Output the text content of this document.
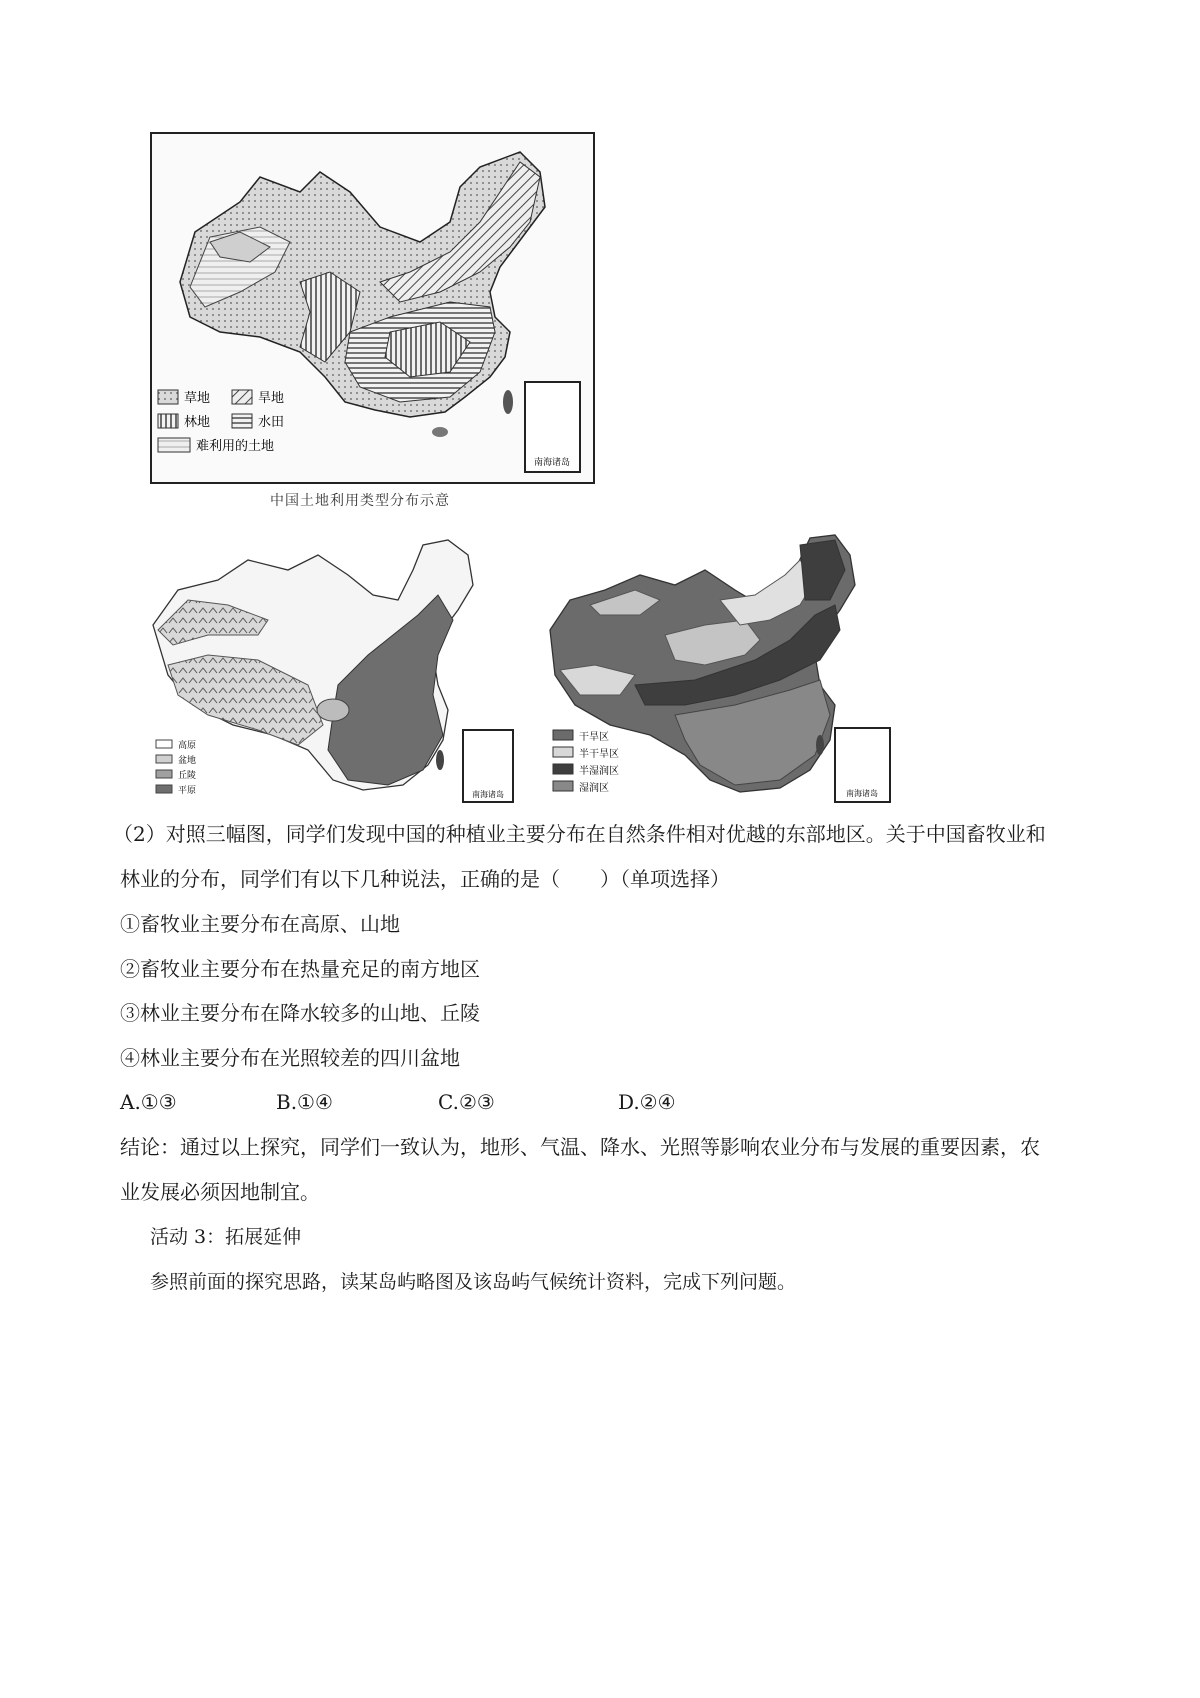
南海诸岛
草地	旱地
林地	水田
难利用的土地
中国土地利用类型分布示意
南海诸岛
高原
盆地
丘陵
平原	南海诸岛
干旱区
半干旱区
半湿润区
湿润区
（2）对照三幅图，同学们发现中国的种植业主要分布在自然条件相对优越的东部地区。关于中国畜牧业和
林业的分布，同学们有以下几种说法，正确的是（　　）（单项选择）
①畜牧业主要分布在高原、山地
②畜牧业主要分布在热量充足的南方地区
③林业主要分布在降水较多的山地、丘陵
④林业主要分布在光照较差的四川盆地
A.①③	B.①④	C.②③	D.②④
结论：通过以上探究，同学们一致认为，地形、气温、降水、光照等影响农业分布与发展的重要因素，农
业发展必须因地制宜。
活动 3：拓展延伸
参照前面的探究思路，读某岛屿略图及该岛屿气候统计资料，完成下列问题。
